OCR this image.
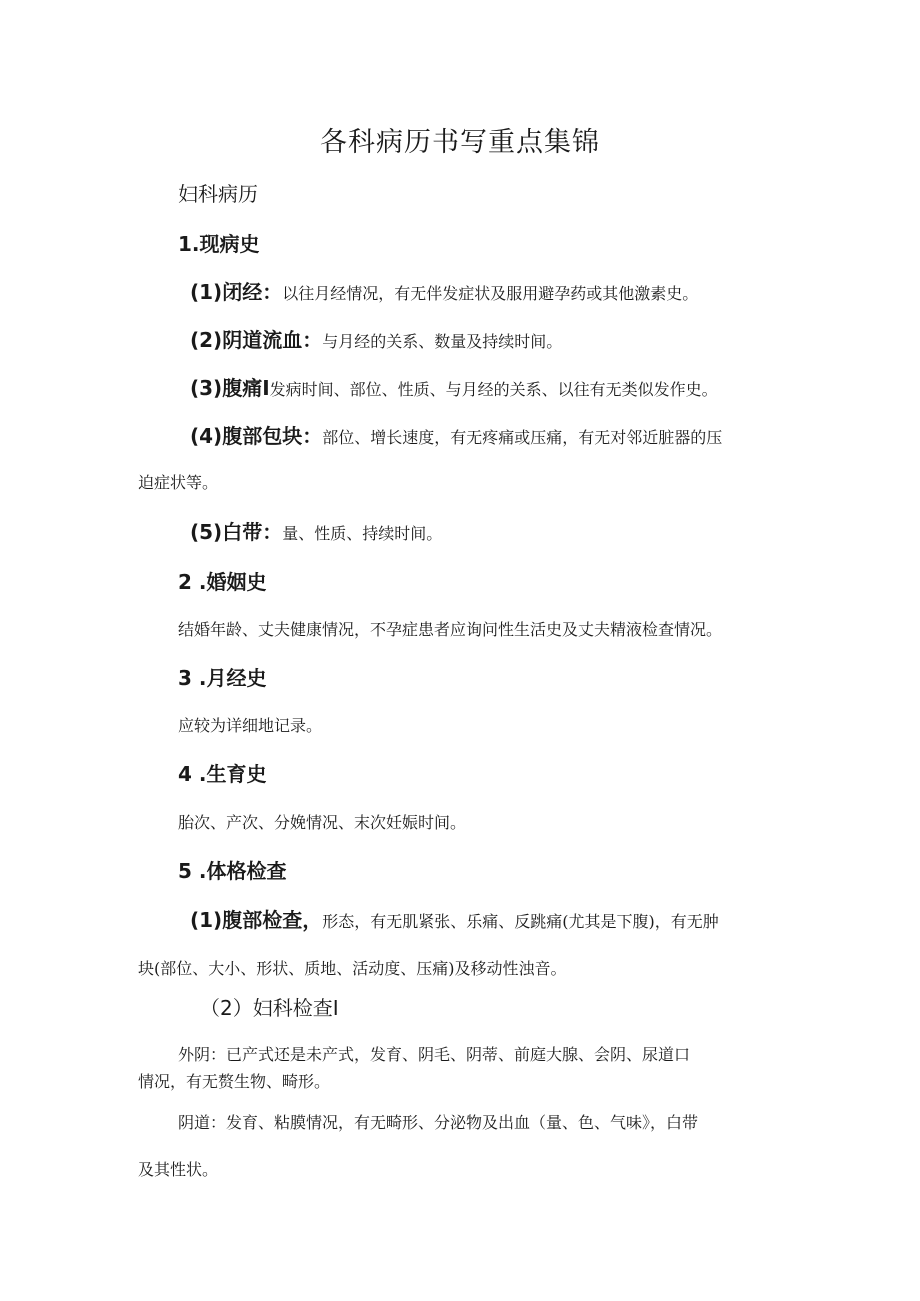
各科病历书写重点集锦
妇科病历
1.现病史
(1)闭经：以往月经情况，有无伴发症状及服用避孕药或其他激素史。
(2)阴道流血：与月经的关系、数量及持续时间。
(3)腹痛I发病时间、部位、性质、与月经的关系、以往有无类似发作史。
(4)腹部包块：部位、增长速度，有无疼痛或压痛，有无对邻近脏器的压
迫症状等。
(5)白带：量、性质、持续时间。
2 .婚姻史
结婚年龄、丈夫健康情况，不孕症患者应询问性生活史及丈夫精液检查情况。
3 .月经史
应较为详细地记录。
4 .生育史
胎次、产次、分娩情况、末次妊娠时间。
5 .体格检查
(1)腹部检查，形态，有无肌紧张、乐痛、反跳痛(尤其是下腹)，有无肿
块(部位、大小、形状、质地、活动度、压痛)及移动性浊音。
（2）妇科检查I
外阴：已产式还是未产式，发育、阴毛、阴蒂、前庭大腺、会阴、尿道口
情况，有无赘生物、畸形。
阴道：发育、粘膜情况，有无畸形、分泌物及出血（量、色、气味》，白带
及其性状。
